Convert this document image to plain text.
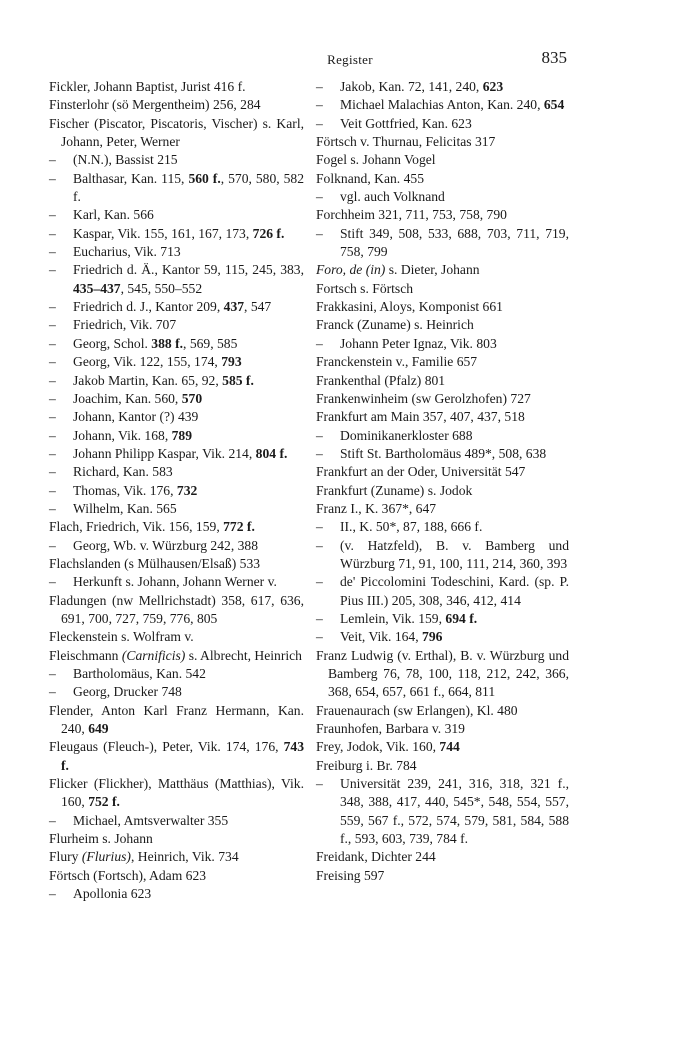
Register	835
Fickler, Johann Baptist, Jurist 416 f.
Finsterlohr (sö Mergentheim) 256, 284
Fischer (Piscator, Piscatoris, Vischer) s. Karl, Johann, Peter, Werner
– (N.N.), Bassist 215
– Balthasar, Kan. 115, 560 f., 570, 580, 582 f.
– Karl, Kan. 566
– Kaspar, Vik. 155, 161, 167, 173, 726 f.
– Eucharius, Vik. 713
– Friedrich d. Ä., Kantor 59, 115, 245, 383, 435–437, 545, 550–552
– Friedrich d. J., Kantor 209, 437, 547
– Friedrich, Vik. 707
– Georg, Schol. 388 f., 569, 585
– Georg, Vik. 122, 155, 174, 793
– Jakob Martin, Kan. 65, 92, 585 f.
– Joachim, Kan. 560, 570
– Johann, Kantor (?) 439
– Johann, Vik. 168, 789
– Johann Philipp Kaspar, Vik. 214, 804 f.
– Richard, Kan. 583
– Thomas, Vik. 176, 732
– Wilhelm, Kan. 565
Flach, Friedrich, Vik. 156, 159, 772 f.
– Georg, Wb. v. Würzburg 242, 388
Flachslanden (s Mülhausen/Elsaß) 533
– Herkunft s. Johann, Johann Werner v.
Fladungen (nw Mellrichstadt) 358, 617, 636, 691, 700, 727, 759, 776, 805
Fleckenstein s. Wolfram v.
Fleischmann (Carnificis) s. Albrecht, Heinrich
– Bartholomäus, Kan. 542
– Georg, Drucker 748
Flender, Anton Karl Franz Hermann, Kan. 240, 649
Fleugaus (Fleuch-), Peter, Vik. 174, 176, 743 f.
Flicker (Flickher), Matthäus (Matthias), Vik. 160, 752 f.
– Michael, Amtsverwalter 355
Flurheim s. Johann
Flury (Flurius), Heinrich, Vik. 734
Förtsch (Fortsch), Adam 623
– Apollonia 623
– Jakob, Kan. 72, 141, 240, 623
– Michael Malachias Anton, Kan. 240, 654
– Veit Gottfried, Kan. 623
Förtsch v. Thurnau, Felicitas 317
Fogel s. Johann Vogel
Folknand, Kan. 455
– vgl. auch Volknand
Forchheim 321, 711, 753, 758, 790
– Stift 349, 508, 533, 688, 703, 711, 719, 758, 799
Foro, de (in) s. Dieter, Johann
Fortsch s. Förtsch
Frakkasini, Aloys, Komponist 661
Franck (Zuname) s. Heinrich
– Johann Peter Ignaz, Vik. 803
Franckenstein v., Familie 657
Frankenthal (Pfalz) 801
Frankenwinheim (sw Gerolzhofen) 727
Frankfurt am Main 357, 407, 437, 518
– Dominikanerkloster 688
– Stift St. Bartholomäus 489*, 508, 638
Frankfurt an der Oder, Universität 547
Frankfurt (Zuname) s. Jodok
Franz I., K. 367*, 647
– II., K. 50*, 87, 188, 666 f.
– (v. Hatzfeld), B. v. Bamberg und Würzburg 71, 91, 100, 111, 214, 360, 393
– de' Piccolomini Todeschini, Kard. (sp. P. Pius III.) 205, 308, 346, 412, 414
– Lemlein, Vik. 159, 694 f.
– Veit, Vik. 164, 796
Franz Ludwig (v. Erthal), B. v. Würzburg und Bamberg 76, 78, 100, 118, 212, 242, 366, 368, 654, 657, 661 f., 664, 811
Frauenaurach (sw Erlangen), Kl. 480
Fraunhofen, Barbara v. 319
Frey, Jodok, Vik. 160, 744
Freiburg i. Br. 784
– Universität 239, 241, 316, 318, 321 f., 348, 388, 417, 440, 545*, 548, 554, 557, 559, 567 f., 572, 574, 579, 581, 584, 588 f., 593, 603, 739, 784 f.
Freidank, Dichter 244
Freising 597
